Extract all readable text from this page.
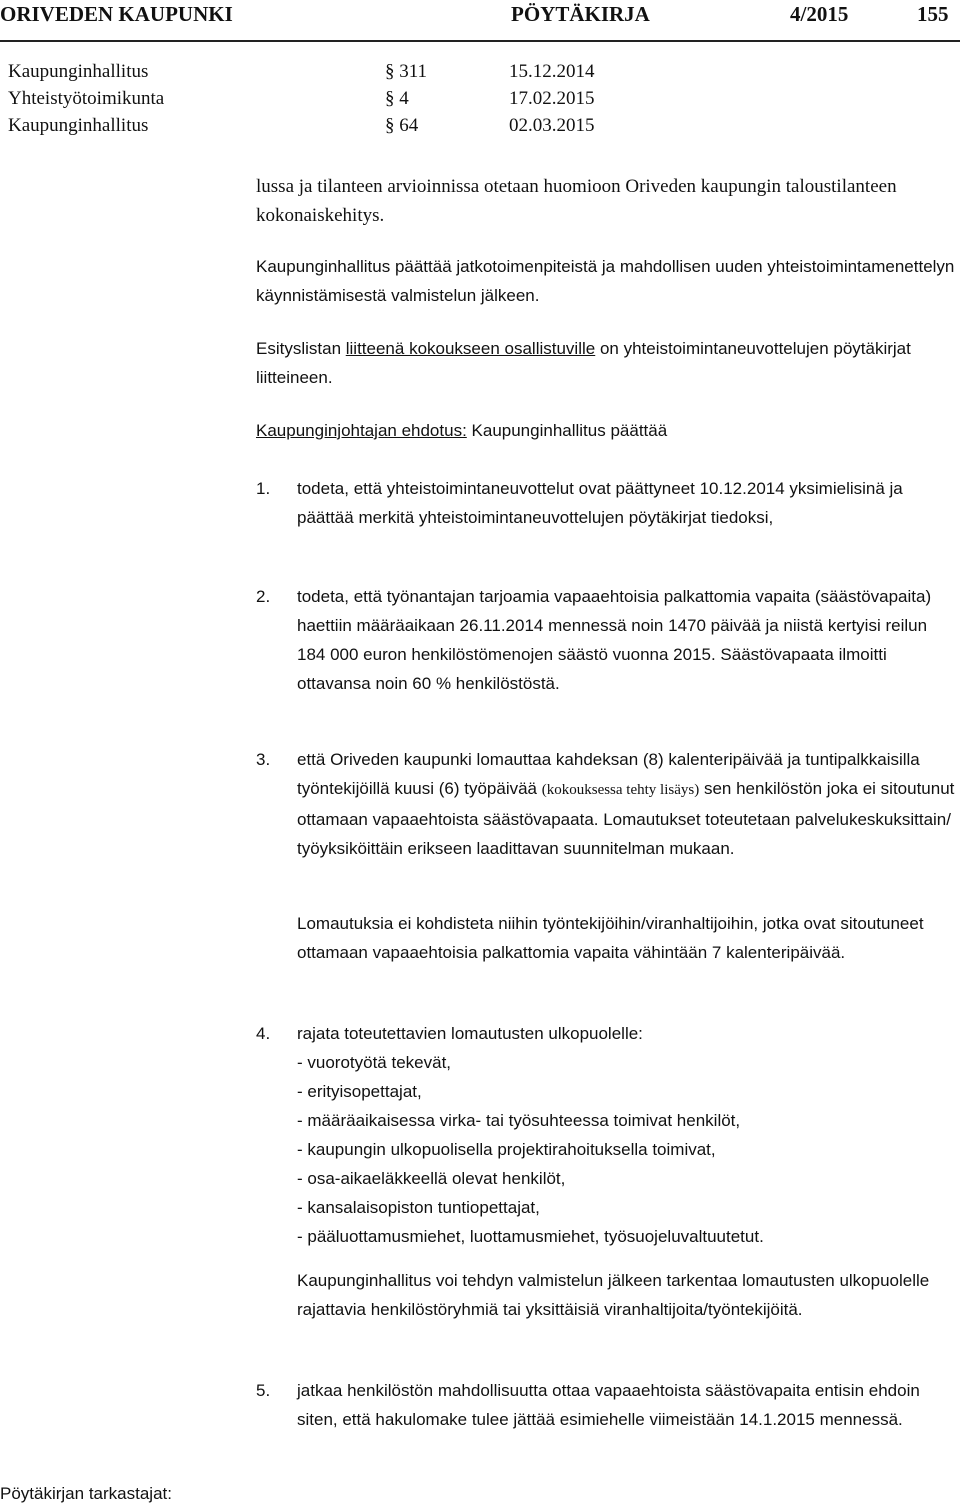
ORIVEDEN KAUPUNKI	PÖYTÄKIRJA	4/2015	155
Kaupunginhallitus	§ 311	15.12.2014
Yhteistyötoimikunta	§ 4	17.02.2015
Kaupunginhallitus	§ 64	02.03.2015

lussa ja tilanteen arvioinnissa otetaan huomioon Oriveden kaupungin taloustilanteen kokonaiskehitys.

Kaupunginhallitus päättää jatkotoimenpiteistä ja mahdollisen uuden yhteistoimintamenettelyn käynnistämisestä valmistelun jälkeen.

Esityslistan liitteenä kokoukseen osallistuville on yhteistoimintaneuvottelujen pöytäkirjat liitteineen.

Kaupunginjohtajan ehdotus: Kaupunginhallitus päättää

1.	todeta, että yhteistoimintaneuvottelut ovat päättyneet 10.12.2014 yksimielisinä ja päättää merkitä yhteistoimintaneuvottelujen pöytäkirjat tiedoksi,

2.	todeta, että työnantajan tarjoamia vapaaehtoisia palkattomia vapaita (säästövapaita) haettiin määräaikaan 26.11.2014 mennessä noin 1470 päivää ja niistä kertyisi reilun 184 000 euron henkilöstömenojen säästö vuonna 2015. Säästövapaata ilmoitti ottavansa noin 60 % henkilöstöstä.

3.	että Oriveden kaupunki lomauttaa kahdeksan (8) kalenteripäivää ja tuntipalkkaisilla työntekijöillä kuusi (6) työpäivää (kokouksessa tehty lisäys) sen henkilöstön joka ei sitoutunut ottamaan vapaaehtoista säästövapaata. Lomautukset toteutetaan palvelukeskuksittain/ työyksiköittäin erikseen laadittavan suunnitelman mukaan.

Lomautuksia ei kohdisteta niihin työntekijöihin/viranhaltijoihin, jotka ovat sitoutuneet ottamaan vapaaehtoisia palkattomia vapaita vähintään 7 kalenteripäivää.

4.	rajata toteutettavien lomautusten ulkopuolelle:

- vuorotyötä tekevät,

- erityisopettajat,

- määräaikaisessa virka- tai työsuhteessa toimivat henkilöt,

- kaupungin ulkopuolisella projektirahoituksella toimivat,

- osa-aikaeläkkeellä olevat henkilöt,

- kansalaisopiston tuntiopettajat,

- pääluottamusmiehet, luottamusmiehet, työsuojeluvaltuutetut.

Kaupunginhallitus voi tehdyn valmistelun jälkeen tarkentaa lomautusten ulkopuolelle rajattavia henkilöstöryhmiä tai yksittäisiä viranhaltijoita/työntekijöitä.

5.	jatkaa henkilöstön mahdollisuutta ottaa vapaaehtoista säästövapaita entisin ehdoin siten, että hakulomake tulee jättää esimiehelle viimeistään 14.1.2015 mennessä.

Pöytäkirjan tarkastajat:
